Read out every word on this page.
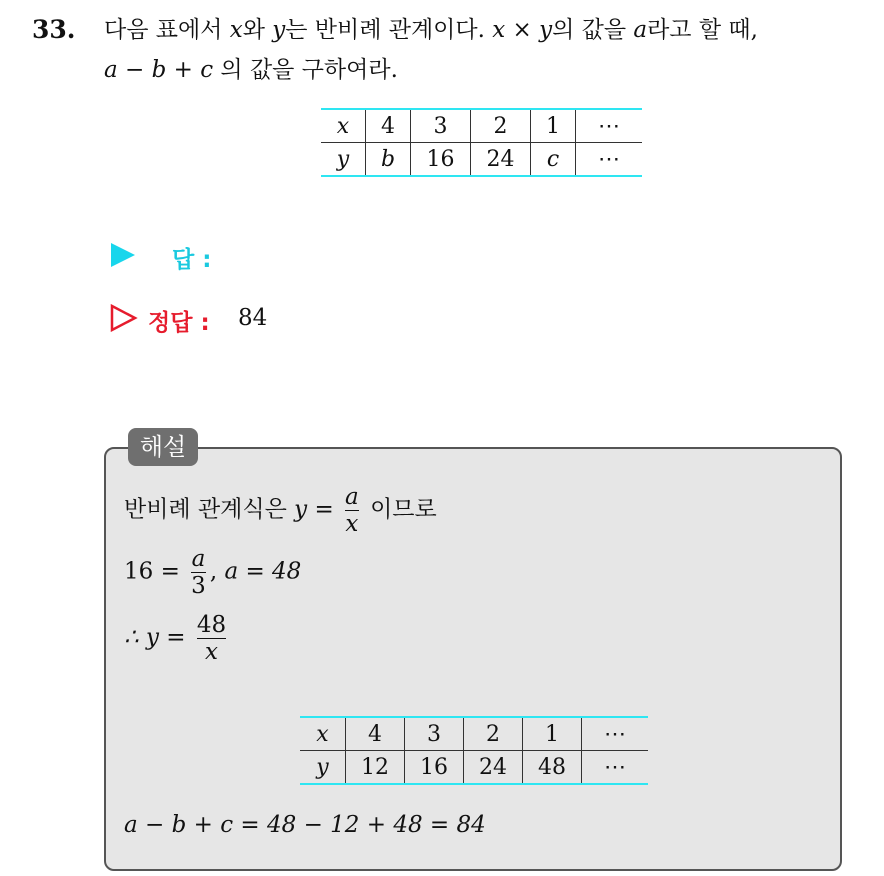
33. 다음 표에서 x와 y는 반비례 관계이다. x × y의 값을 a라고 할 때,
a − b + c 의 값을 구하여라.
x	4	3	2	1	⋯
y	b	16	24	c	⋯
답 :
정답 : 84
해설
반비례 관계식은 $y = \frac{a}{x}$ 이므로
$16 = \frac{a}{3}$ , a = 48
∴ $y = \frac{48}{x}$
x	4	3	2	1	⋯
y	12	16	24	48	⋯
a − b + c = 48 − 12 + 48 = 84
